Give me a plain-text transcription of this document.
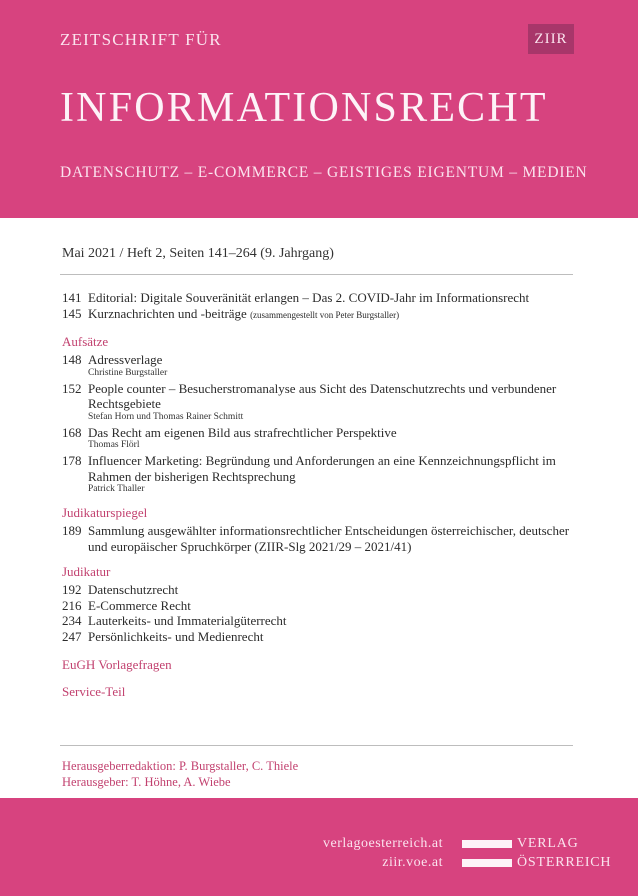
ZEITSCHRIFT FÜR	ZIIR
INFORMATIONSRECHT
DATENSCHUTZ – E-COMMERCE – GEISTIGES EIGENTUM – MEDIEN
Mai 2021 / Heft 2, Seiten 141–264 (9. Jahrgang)
141 Editorial: Digitale Souveränität erlangen – Das 2. COVID-Jahr im Informationsrecht
145 Kurznachrichten und -beiträge (zusammengestellt von Peter Burgstaller)
Aufsätze
148 Adressverlage
Christine Burgstaller
152 People counter – Besucherstromanalyse aus Sicht des Datenschutzrechts und verbundener Rechtsgebiete
Stefan Horn und Thomas Rainer Schmitt
168 Das Recht am eigenen Bild aus strafrechtlicher Perspektive
Thomas Flörl
178 Influencer Marketing: Begründung und Anforderungen an eine Kennzeichnungspflicht im Rahmen der bisherigen Rechtsprechung
Patrick Thaller
Judikaturspiegel
189 Sammlung ausgewählter informationsrechtlicher Entscheidungen österreichischer, deutscher und europäischer Spruchkörper (ZIIR-Slg 2021/29 – 2021/41)
Judikatur
192 Datenschutzrecht
216 E-Commerce Recht
234 Lauterkeits- und Immaterialgüterrecht
247 Persönlichkeits- und Medienrecht
EuGH Vorlagefragen
Service-Teil
Herausgeberredaktion: P. Burgstaller, C. Thiele
Herausgeber: T. Höhne, A. Wiebe
verlagoesterreich.at
ziir.voe.at
VERLAG
ÖSTERREICH
